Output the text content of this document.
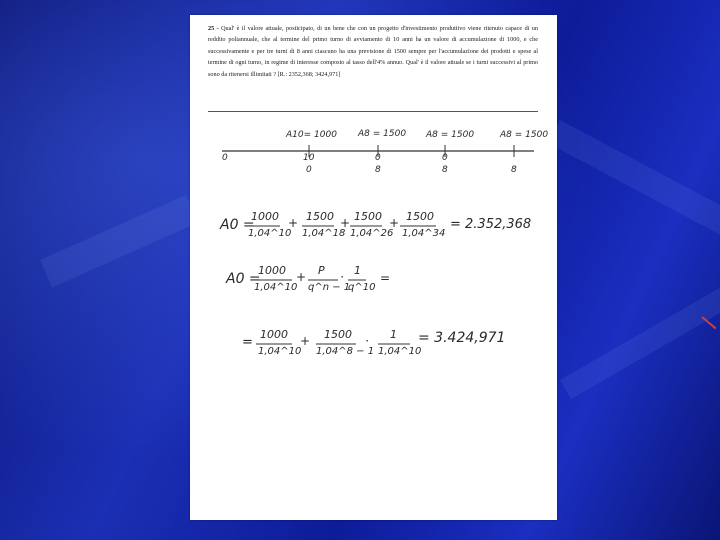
25 - Qual' è il valore attuale, posticipato, di un bene che con un progetto d'investimento produttivo viene ritenuto capace di un reddito poliannuale, che al termine del primo turno di avviamento di 10 anni ha un valore di accumulazione di 1000, e che successivamente e per tre turni di 8 anni ciascuno ha una previsione di 1500 sempre per l'accumulazione dei prodotti e spese al termine di ogni turno, in regime di interesse composto al tasso dell'4% annuo. Qual' è il valore attuale se i turni successivi al primo sono da ritenersi illimitati ? [R.: 2352,368; 3424,971]
A10= 1000 A8 = 1500 A8 = 1500	A8 = 1500
0	10	0	0
8
0	8	8
A0 =
1000
1,04^10
+ 1500
1,04^18
+ 1500
1,04^26
+ 1500
1,04^34
= 2.352,368
A0 =
1000
1,04^10
+ P
q^n − 1
· 1
q^10
=
=
1000
1,04^10
+ 1500
1,04^8 − 1
· 1
1,04^10
= 3.424,971
